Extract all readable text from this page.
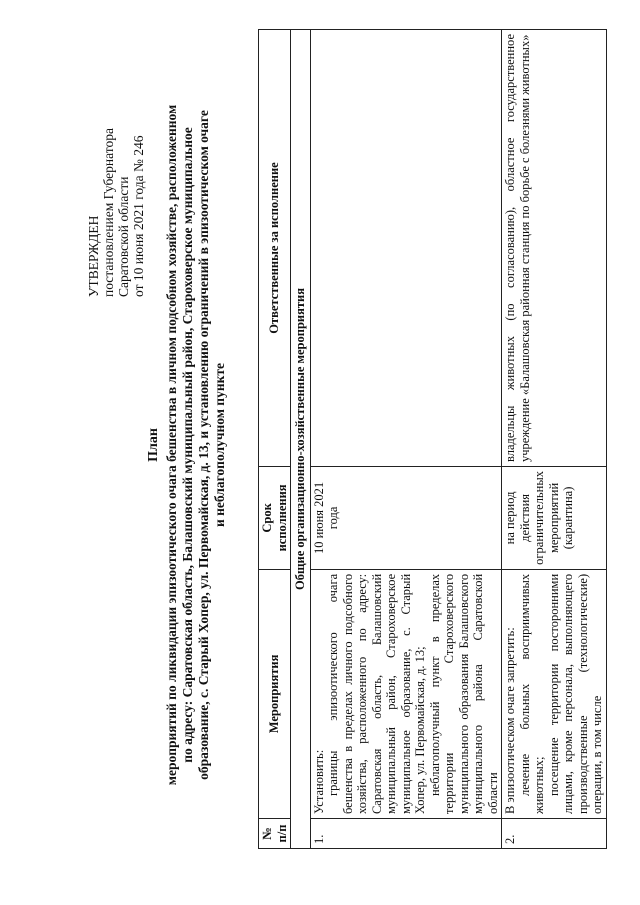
УТВЕРЖДЕН постановлением Губернатора Саратовской области от 10 июня 2021 года № 246
План мероприятий по ликвидации эпизоотического очага бешенства в личном подсобном хозяйстве, расположенном по адресу: Саратовская область, Балашовский муниципальный район, Староховерское муниципальное образование, с. Старый Хопер, ул. Первомайская, д. 13, и установлению ограничений в эпизоотическом очаге и неблагополучном пункте
№ п/п	Мероприятия	Срок исполнения	Ответственные за исполнение
Общие организационно-хозяйственные мероприятия			
1.	Установить: границы эпизоотического очага бешенства в пределах личного подсобного хозяйства, расположенного по адресу: Саратовская область, Балашовский муниципальный район, Староховерское муниципальное образование, с. Старый Хопер, ул. Первомайская, д. 13; неблагополучный пункт в пределах территории Староховерского муниципального образования Балашовского муниципального района Саратовской области	10 июня 2021 года	
2.	В эпизоотическом очаге запретить: лечение больных восприимчивых животных; посещение территории посторонними лицами, кроме персонала, выполняющего производственные (технологические) операции, в том числе	на период действия ограничительных мероприятий (карантина)	владельцы животных (по согласованию), областное государственное учреждение «Балашовская районная станция по борьбе с болезнями животных»
